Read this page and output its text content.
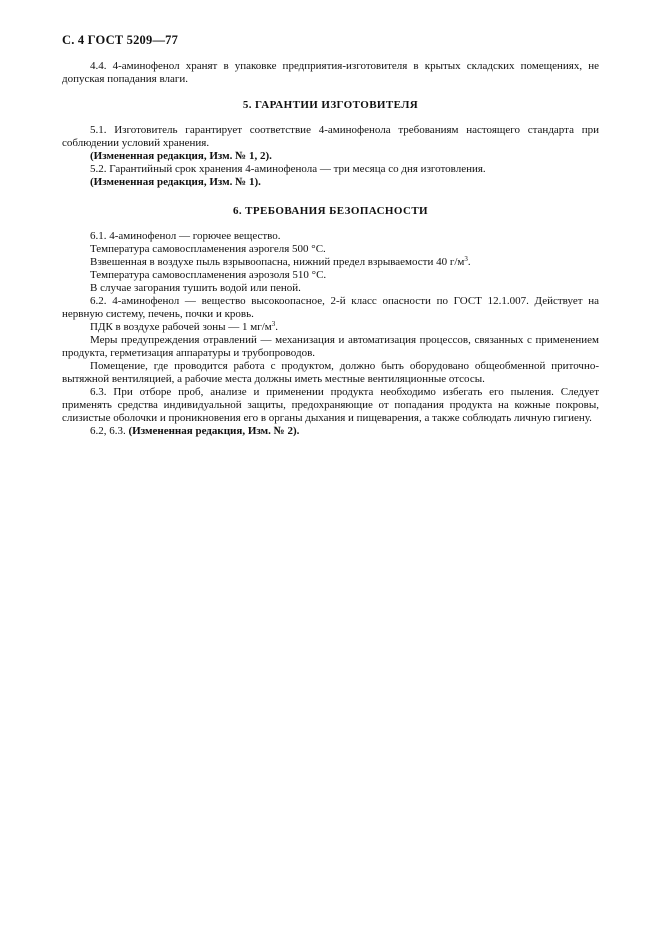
С. 4 ГОСТ 5209—77

4.4. 4-аминофенол хранят в упаковке предприятия-изготовителя в крытых складских помещениях, не допуская попадания влаги.

5. ГАРАНТИИ ИЗГОТОВИТЕЛЯ

5.1. Изготовитель гарантирует соответствие 4-аминофенола требованиям настоящего стандарта при соблюдении условий хранения.

(Измененная редакция, Изм. № 1, 2).

5.2. Гарантийный срок хранения 4-аминофенола — три месяца со дня изготовления.

(Измененная редакция, Изм. № 1).

6. ТРЕБОВАНИЯ БЕЗОПАСНОСТИ

6.1. 4-аминофенол — горючее вещество.

Температура самовоспламенения аэрогеля 500 °С.

Взвешенная в воздухе пыль взрывоопасна, нижний предел взрываемости 40 $г/м^3$.

Температура самовоспламенения аэрозоля 510 °С.

В случае загорания тушить водой или пеной.

6.2. 4-аминофенол — вещество высокоопасное, 2-й класс опасности по ГОСТ 12.1.007. Действует на нервную систему, печень, почки и кровь.

ПДК в воздухе рабочей зоны — 1 $мг/м^3$.

Меры предупреждения отравлений — механизация и автоматизация процессов, связанных с применением продукта, герметизация аппаратуры и трубопроводов.

Помещение, где проводится работа с продуктом, должно быть оборудовано общеобменной приточно-вытяжной вентиляцией, а рабочие места должны иметь местные вентиляционные отсосы.

6.3. При отборе проб, анализе и применении продукта необходимо избегать его пыления. Следует применять средства индивидуальной защиты, предохраняющие от попадания продукта на кожные покровы, слизистые оболочки и проникновения его в органы дыхания и пищеварения, а также соблюдать личную гигиену.

6.2, 6.3. (Измененная редакция, Изм. № 2).
